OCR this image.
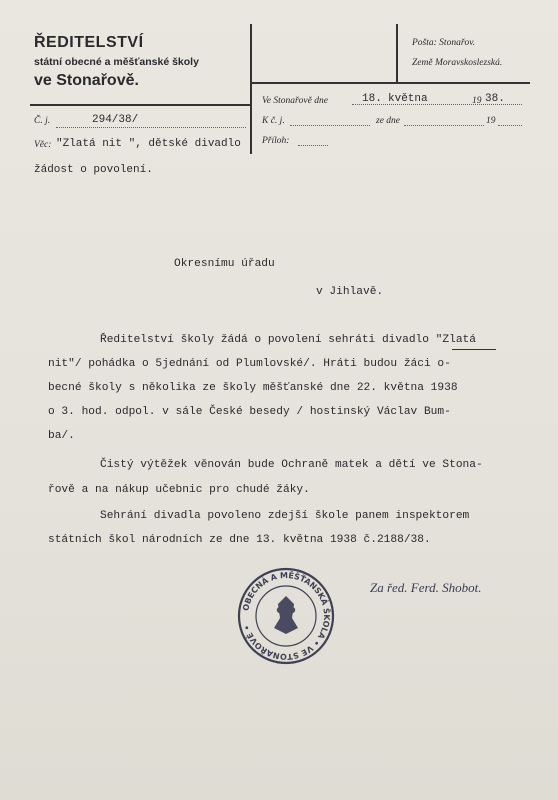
ŘEDITELSTVÍ
státní obecné a měšťanské školy
ve Stonařově.
Pošta: Stonařov.
Země Moravskoslezská.
Č. j.	294/38/
Věc: "Zlatá nit ", dětské divadlo
žádost o povolení.
Ve Stonařově dne	18. května	19 38.
K č. j.	ze dne	19
Příloh:
Okresnímu úřadu
v Jihlavě.
Ředitelství školy žádá o povolení sehráti divadlo "Zlatá
nit"/ pohádka o 5jednání od Plumlovské/. Hráti budou žáci o-
becné školy s několika ze školy měšťanské dne 22. května 1938
o 3. hod. odpol. v sále České besedy / hostinský Václav Bum-
ba/.
Čistý výtěžek věnován bude Ochraně matek a dětí ve Stona-
řově a na nákup učebnic pro chudé žáky.
Sehrání divadla povoleno zdejší škole panem inspektorem
státních škol národních ze dne 13. května 1938 č.2188/38.
OBECNÁ A MĚŠŤANSKÁ ŠKOLA • VE STONAŘOVĚ •
Za řed. Ferd. Shobot.
